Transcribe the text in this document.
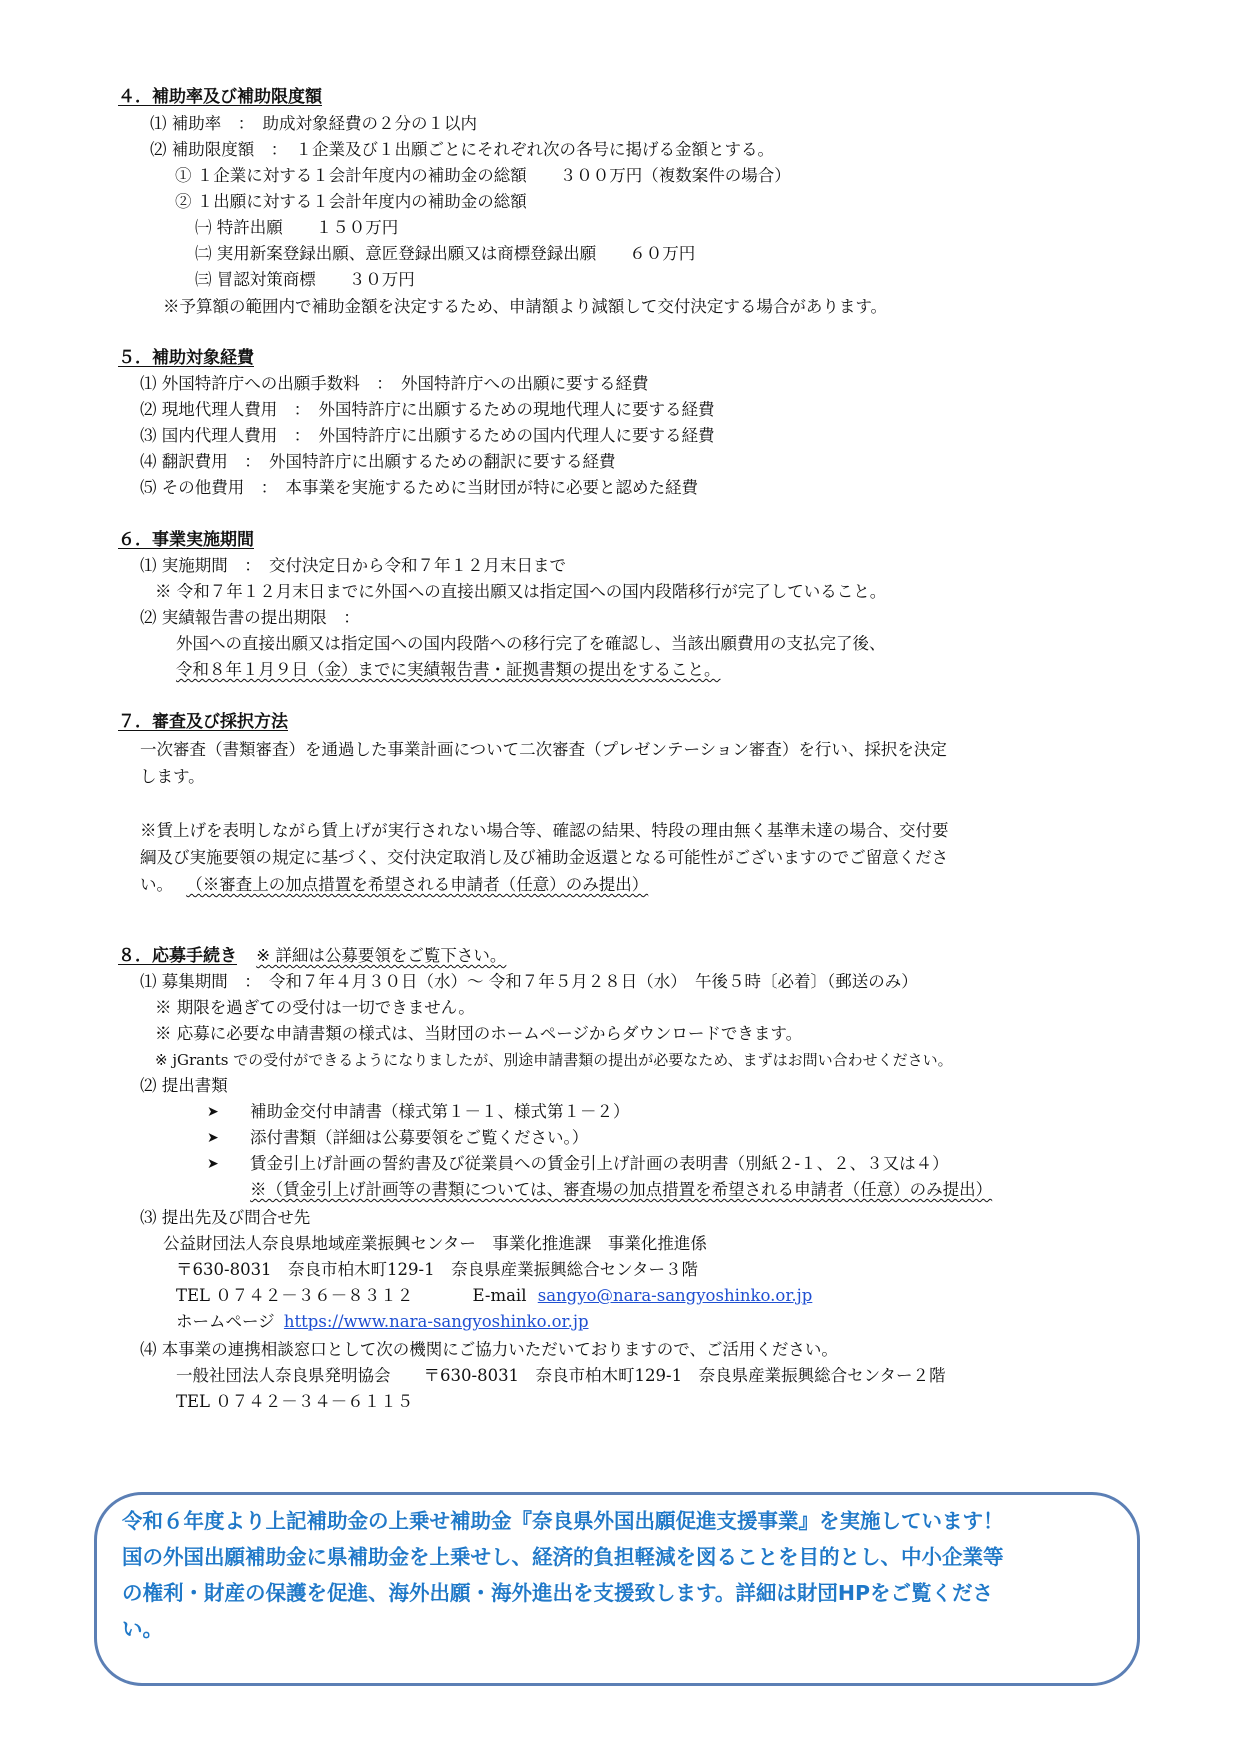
４．補助率及び補助限度額
⑴ 補助率　：　助成対象経費の２分の１以内
⑵ 補助限度額　：　１企業及び１出願ごとにそれぞれ次の各号に掲げる金額とする。
① １企業に対する１会計年度内の補助金の総額　　３００万円（複数案件の場合）
② １出願に対する１会計年度内の補助金の総額
㈠ 特許出願　　１５０万円
㈡ 実用新案登録出願、意匠登録出願又は商標登録出願　　６０万円
㈢ 冒認対策商標　　３０万円
※予算額の範囲内で補助金額を決定するため、申請額より減額して交付決定する場合があります。
５．補助対象経費
⑴ 外国特許庁への出願手数料　：　外国特許庁への出願に要する経費
⑵ 現地代理人費用　：　外国特許庁に出願するための現地代理人に要する経費
⑶ 国内代理人費用　：　外国特許庁に出願するための国内代理人に要する経費
⑷ 翻訳費用　：　外国特許庁に出願するための翻訳に要する経費
⑸ その他費用　：　本事業を実施するために当財団が特に必要と認めた経費
６．事業実施期間
⑴ 実施期間　：　交付決定日から令和７年１２月末日まで
※ 令和７年１２月末日までに外国への直接出願又は指定国への国内段階移行が完了していること。
⑵ 実績報告書の提出期限　：
外国への直接出願又は指定国への国内段階への移行完了を確認し、当該出願費用の支払完了後、
令和８年１月９日（金）までに実績報告書・証拠書類の提出をすること。
７．審査及び採択方法
一次審査（書類審査）を通過した事業計画について二次審査（プレゼンテーション審査）を行い、採択を決定
します。
※賃上げを表明しながら賃上げが実行されない場合等、確認の結果、特段の理由無く基準未達の場合、交付要
綱及び実施要領の規定に基づく、交付決定取消し及び補助金返還となる可能性がございますのでご留意くださ
い。 （※審査上の加点措置を希望される申請者（任意）のみ提出）
８．応募手続き ※ 詳細は公募要領をご覧下さい。
⑴ 募集期間　：　令和７年４月３０日（水）～ 令和７年５月２８日（水）　午後５時〔必着〕（郵送のみ）
※ 期限を過ぎての受付は一切できません。
※ 応募に必要な申請書類の様式は、当財団のホームページからダウンロードできます。
※ jGrants での受付ができるようになりましたが、別途申請書類の提出が必要なため、まずはお問い合わせください。
⑵ 提出書類
➤ 補助金交付申請書（様式第１－１、様式第１－２）
➤ 添付書類（詳細は公募要領をご覧ください。）
➤ 賃金引上げ計画の誓約書及び従業員への賃金引上げ計画の表明書（別紙２-１、２、３又は４）
※（賃金引上げ計画等の書類については、審査場の加点措置を希望される申請者（任意）のみ提出）
⑶ 提出先及び問合せ先
公益財団法人奈良県地域産業振興センター　事業化推進課　事業化推進係
〒630-8031　奈良市柏木町129-1　奈良県産業振興総合センター３階
TEL ０７４２－３６－８３１２	E-mail sangyo@nara-sangyoshinko.or.jp
ホームページ https://www.nara-sangyoshinko.or.jp
⑷ 本事業の連携相談窓口として次の機関にご協力いただいておりますので、ご活用ください。
一般社団法人奈良県発明協会　　〒630-8031　奈良市柏木町129-1　奈良県産業振興総合センター２階
TEL ０７４２－３４－６１１５
令和６年度より上記補助金の上乗せ補助金『奈良県外国出願促進支援事業』を実施しています！
国の外国出願補助金に県補助金を上乗せし、経済的負担軽減を図ることを目的とし、中小企業等
の権利・財産の保護を促進、海外出願・海外進出を支援致します。詳細は財団HPをご覧くださ
い。
